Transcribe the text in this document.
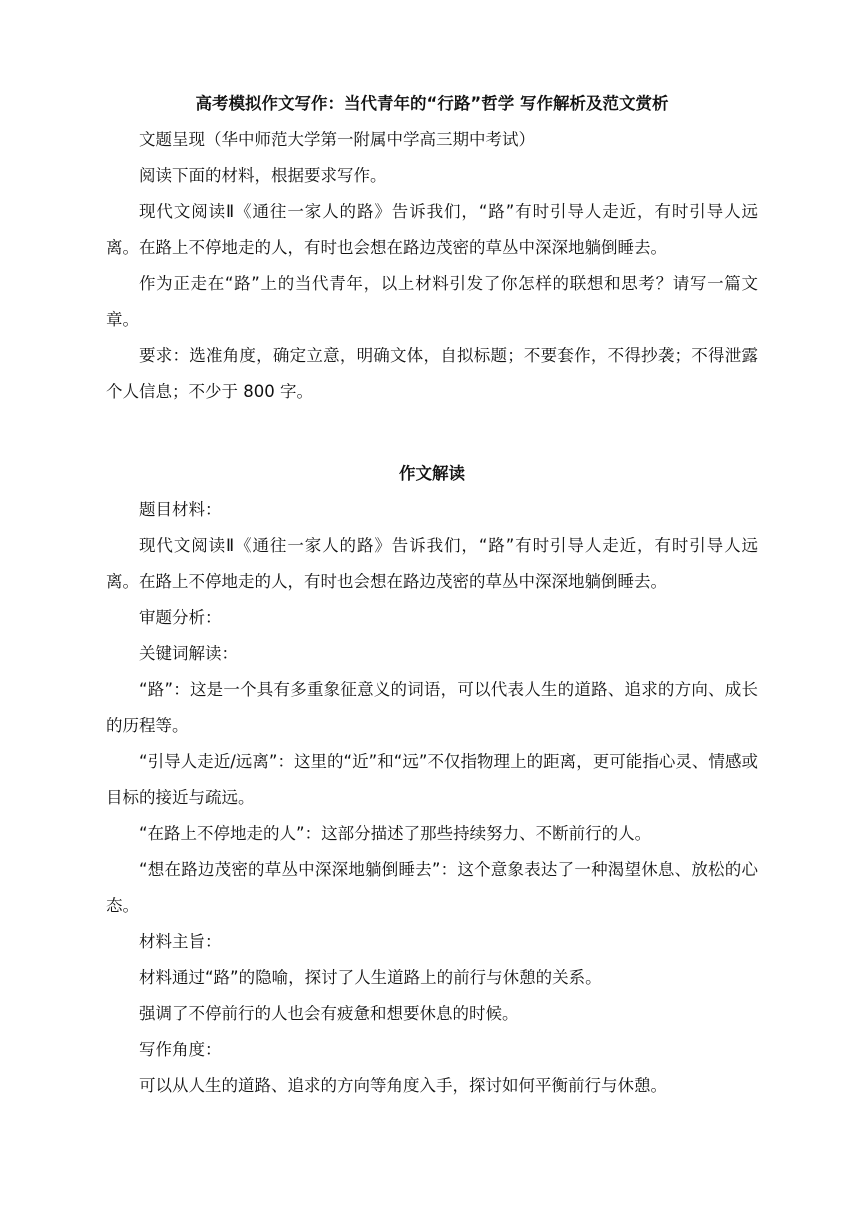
高考模拟作文写作：当代青年的“行路”哲学 写作解析及范文赏析

文题呈现（华中师范大学第一附属中学高三期中考试）

阅读下面的材料，根据要求写作。

现代文阅读Ⅱ《通往一家人的路》告诉我们，“路”有时引导人走近，有时引导人远离。在路上不停地走的人，有时也会想在路边茂密的草丛中深深地躺倒睡去。

作为正走在“路”上的当代青年，以上材料引发了你怎样的联想和思考？请写一篇文章。

要求：选准角度，确定立意，明确文体，自拟标题；不要套作，不得抄袭；不得泄露个人信息；不少于 800 字。

作文解读

题目材料：

现代文阅读Ⅱ《通往一家人的路》告诉我们，“路”有时引导人走近，有时引导人远离。在路上不停地走的人，有时也会想在路边茂密的草丛中深深地躺倒睡去。

审题分析：

关键词解读：

“路”：这是一个具有多重象征意义的词语，可以代表人生的道路、追求的方向、成长的历程等。

“引导人走近/远离”：这里的“近”和“远”不仅指物理上的距离，更可能指心灵、情感或目标的接近与疏远。

“在路上不停地走的人”：这部分描述了那些持续努力、不断前行的人。

“想在路边茂密的草丛中深深地躺倒睡去”：这个意象表达了一种渴望休息、放松的心态。

材料主旨：

材料通过“路”的隐喻，探讨了人生道路上的前行与休憩的关系。

强调了不停前行的人也会有疲惫和想要休息的时候。

写作角度：

可以从人生的道路、追求的方向等角度入手，探讨如何平衡前行与休憩。
